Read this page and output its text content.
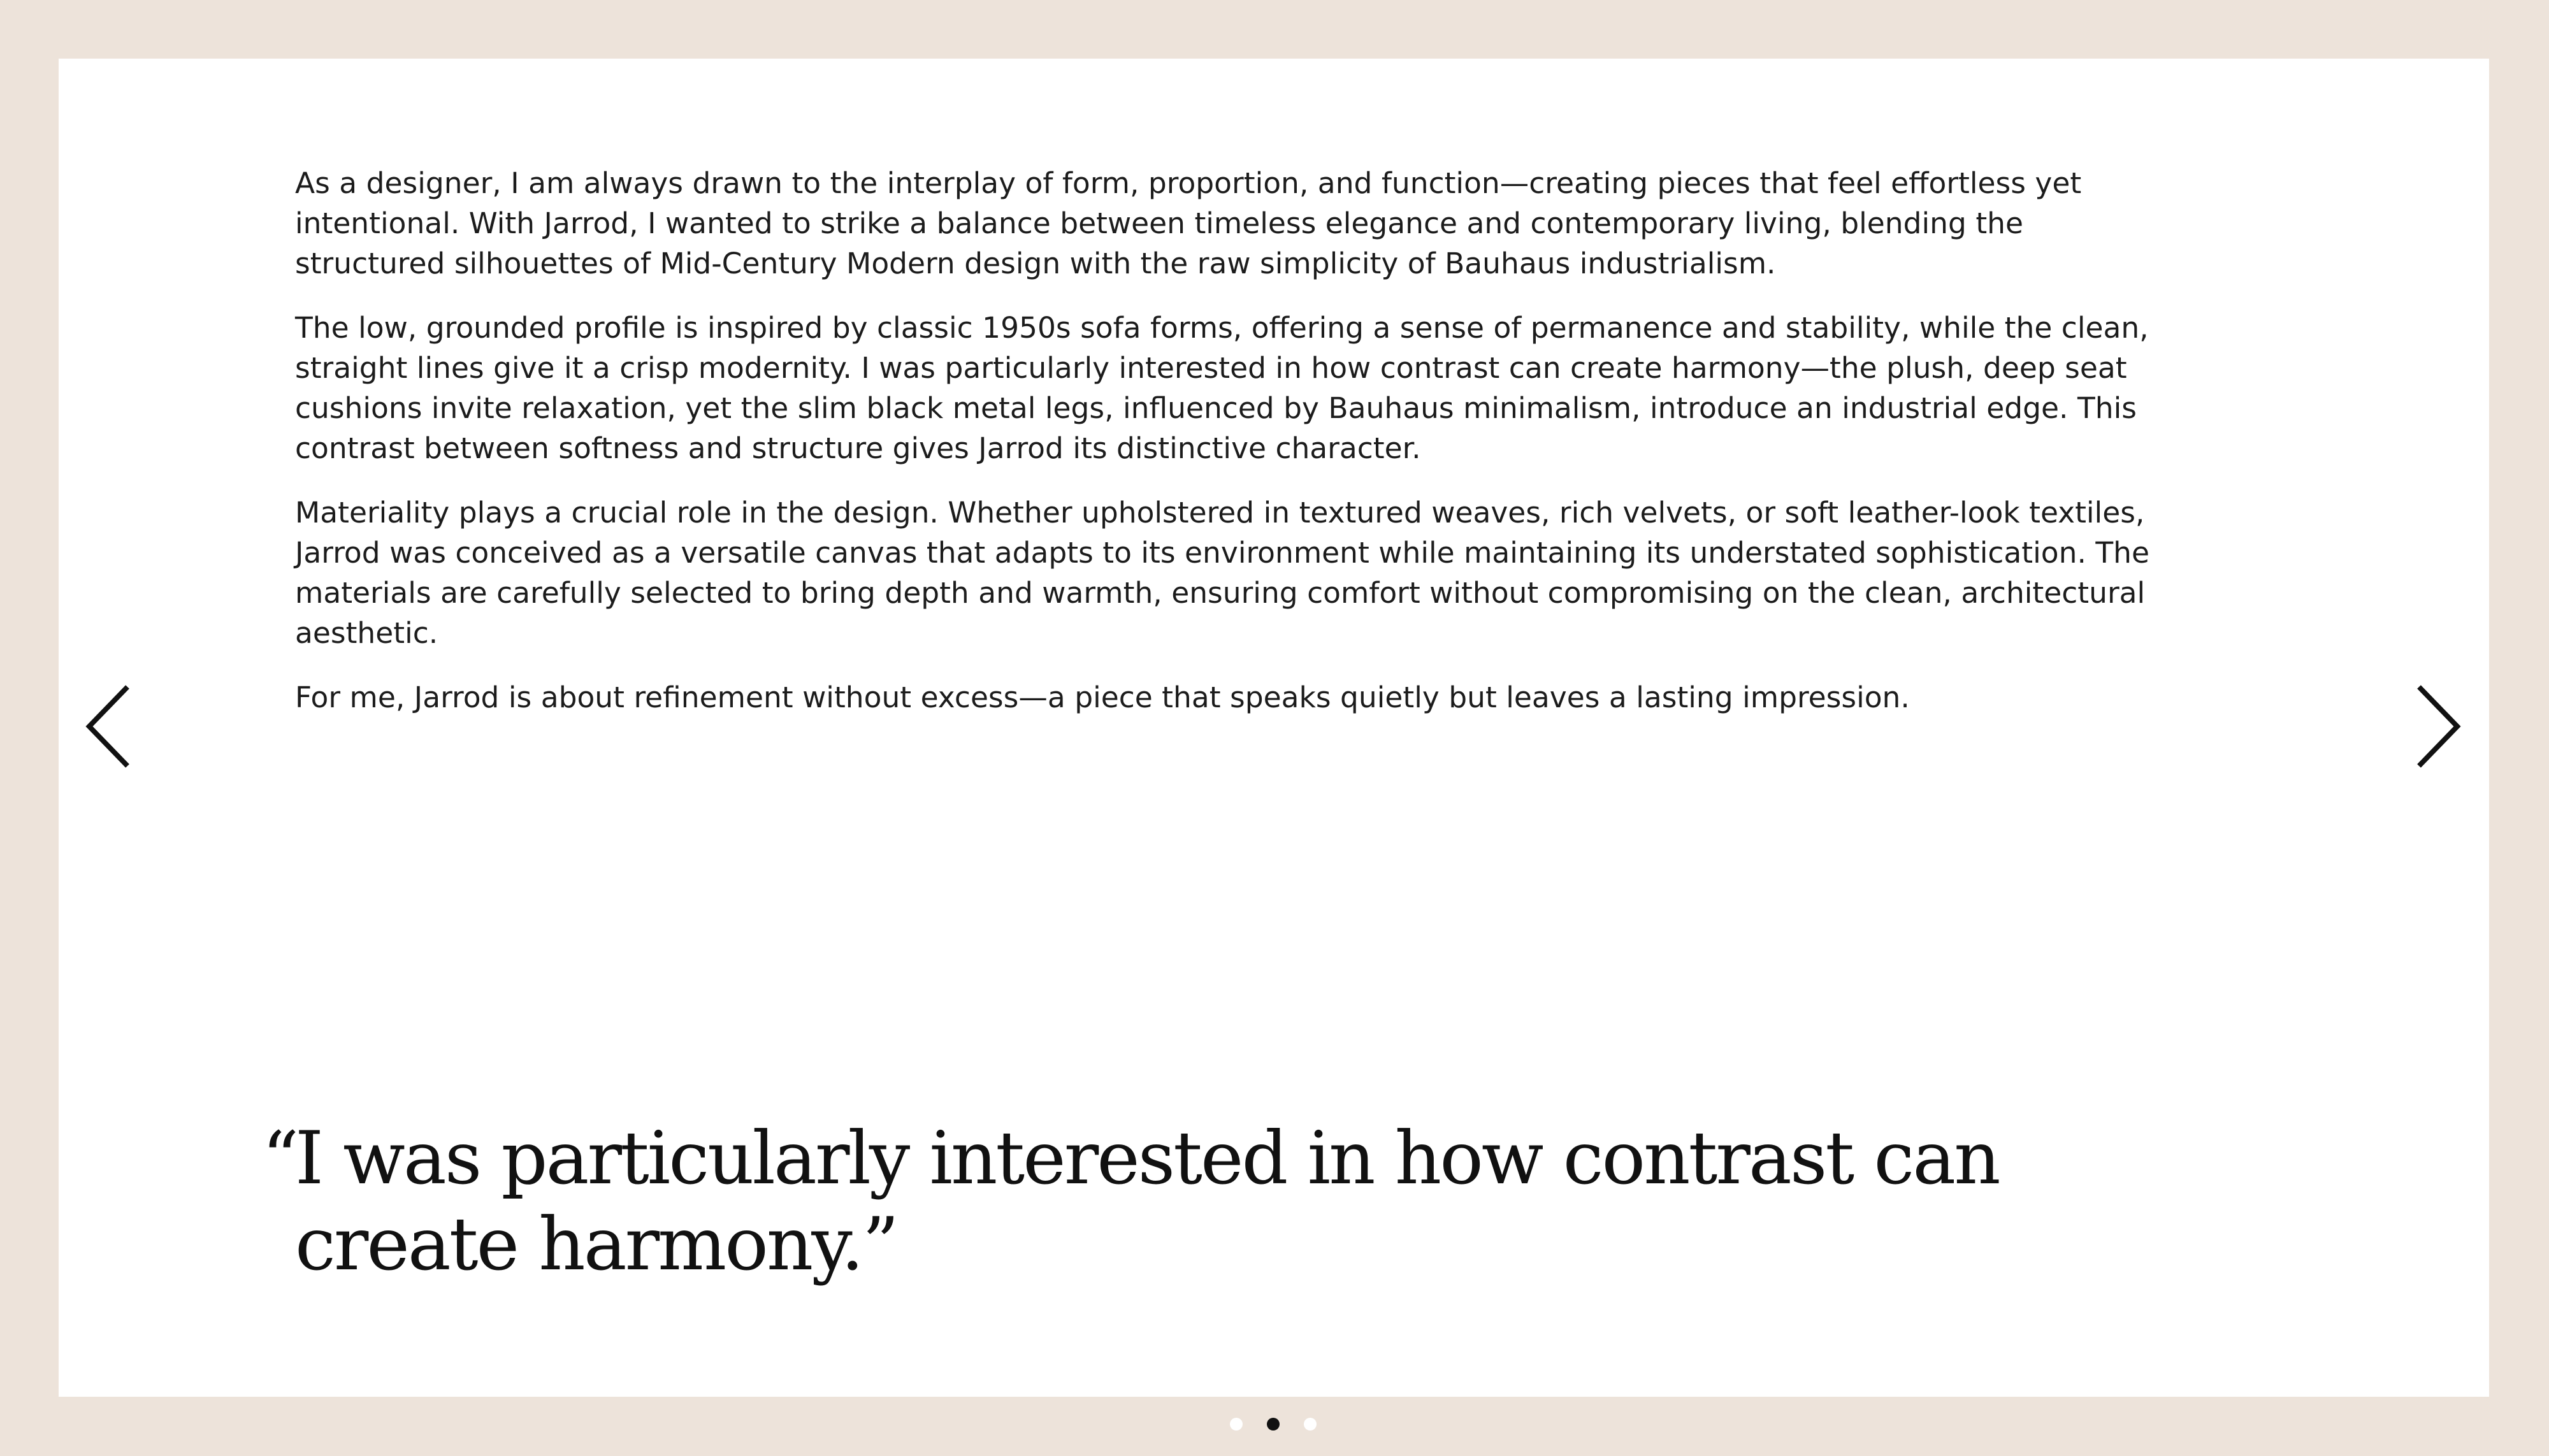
As a designer, I am always drawn to the interplay of form, proportion, and function—creating pieces that feel effortless yet intentional. With Jarrod, I wanted to strike a balance between timeless elegance and contemporary living, blending the structured silhouettes of Mid-Century Modern design with the raw simplicity of Bauhaus industrialism.

The low, grounded profile is inspired by classic 1950s sofa forms, offering a sense of permanence and stability, while the clean, straight lines give it a crisp modernity. I was particularly interested in how contrast can create harmony—the plush, deep seat cushions invite relaxation, yet the slim black metal legs, influenced by Bauhaus minimalism, introduce an industrial edge. This contrast between softness and structure gives Jarrod its distinctive character.

Materiality plays a crucial role in the design. Whether upholstered in textured weaves, rich velvets, or soft leather-look textiles, Jarrod was conceived as a versatile canvas that adapts to its environment while maintaining its understated sophistication. The materials are carefully selected to bring depth and warmth, ensuring comfort without compromising on the clean, architectural aesthetic.

For me, Jarrod is about refinement without excess—a piece that speaks quietly but leaves a lasting impression.

“
I was particularly interested in how contrast can create harmony.”
